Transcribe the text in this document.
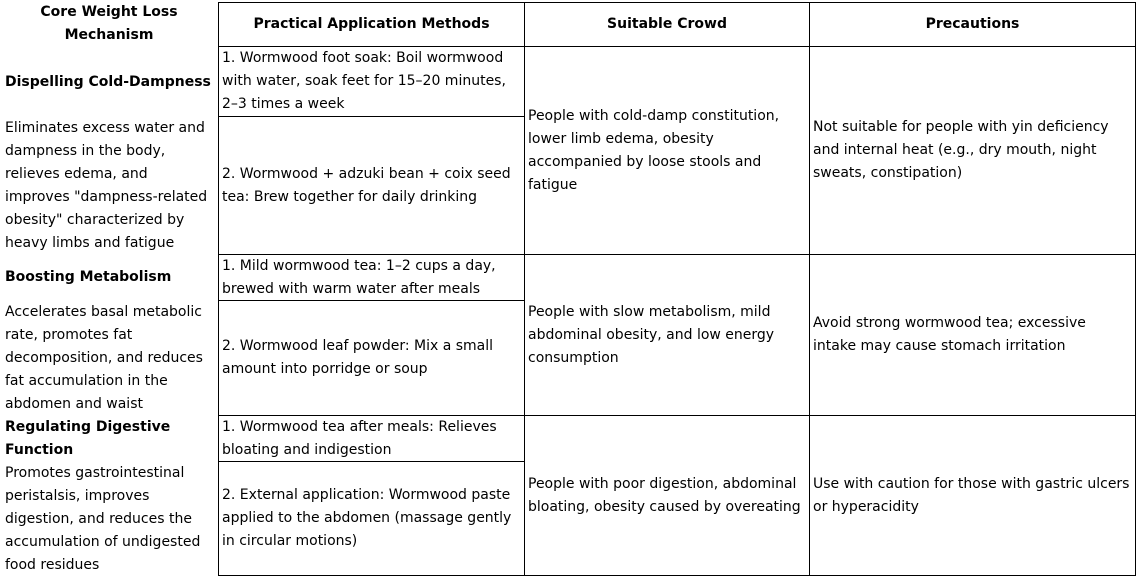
Core Weight Loss Mechanism
Practical Application Methods	Suitable Crowd	Precautions
Dispelling Cold-Dampness
Eliminates excess water and dampness in the body, relieves edema, and improves "dampness-related obesity" characterized by heavy limbs and fatigue
1. Wormwood foot soak: Boil wormwood with water, soak feet for 15–20 minutes, 2–3 times a week
2. Wormwood + adzuki bean + coix seed tea: Brew together for daily drinking
People with cold-damp constitution, lower limb edema, obesity accompanied by loose stools and fatigue
Not suitable for people with yin deficiency and internal heat (e.g., dry mouth, night sweats, constipation)
Boosting Metabolism
Accelerates basal metabolic rate, promotes fat decomposition, and reduces fat accumulation in the abdomen and waist
1. Mild wormwood tea: 1–2 cups a day, brewed with warm water after meals
2. Wormwood leaf powder: Mix a small amount into porridge or soup
People with slow metabolism, mild abdominal obesity, and low energy consumption
Avoid strong wormwood tea; excessive intake may cause stomach irritation
Regulating Digestive Function
Promotes gastrointestinal peristalsis, improves digestion, and reduces the accumulation of undigested food residues
1. Wormwood tea after meals: Relieves bloating and indigestion
2. External application: Wormwood paste applied to the abdomen (massage gently in circular motions)
People with poor digestion, abdominal bloating, obesity caused by overeating
Use with caution for those with gastric ulcers or hyperacidity
